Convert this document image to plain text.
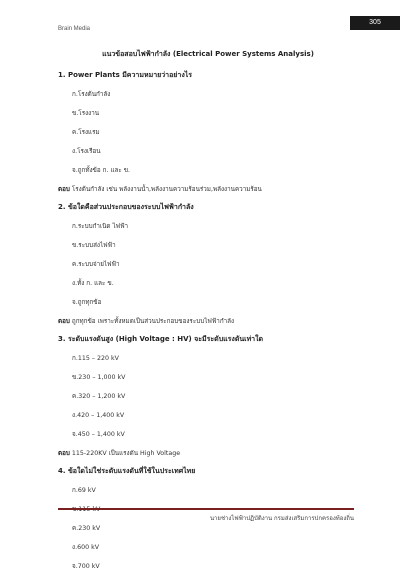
Brain Media
305
แนวข้อสอบไฟฟ้ากำลัง (Electrical Power Systems Analysis)
1. Power Plants มีความหมายว่าอย่างไร
ก.โรงต้นกำลัง
ข.โรงงาน
ค.โรงแรม
ง.โรงเรือน
จ.ถูกทั้งข้อ ก. และ ข.
ตอบ โรงต้นกำลัง เช่น พลังงานน้ำ,พลังงานความร้อนร่วม,พลังงานความร้อน
2. ข้อใดคือส่วนประกอบของระบบไฟฟ้ากำลัง
ก.ระบบกำเนิด ไฟฟ้า
ข.ระบบส่งไฟฟ้า
ค.ระบบจ่ายไฟฟ้า
ง.ทั้ง ก. และ ข.
จ.ถูกทุกข้อ
ตอบ ถูกทุกข้อ เพราะทั้งหมดเป็นส่วนประกอบของระบบไฟฟ้ากำลัง
3. ระดับแรงดันสูง (High Voltage : HV) จะมีระดับแรงดันเท่าใด
ก.115 – 220 kV
ข.230 – 1,000 kV
ค.320 – 1,200 kV
ง.420 – 1,400 kV
จ.450 – 1,400 kV
ตอบ 115-220KV เป็นแรงดัน High Voltage
4. ข้อใดไม่ใช่ระดับแรงดันที่ใช้ในประเทศไทย
ก.69 kV
ค.230 kV
ง.600 kV
จ.700 kV
นายช่างไฟฟ้าปฏิบัติงาน กรมส่งเสริมการปกครองท้องถิ่น
